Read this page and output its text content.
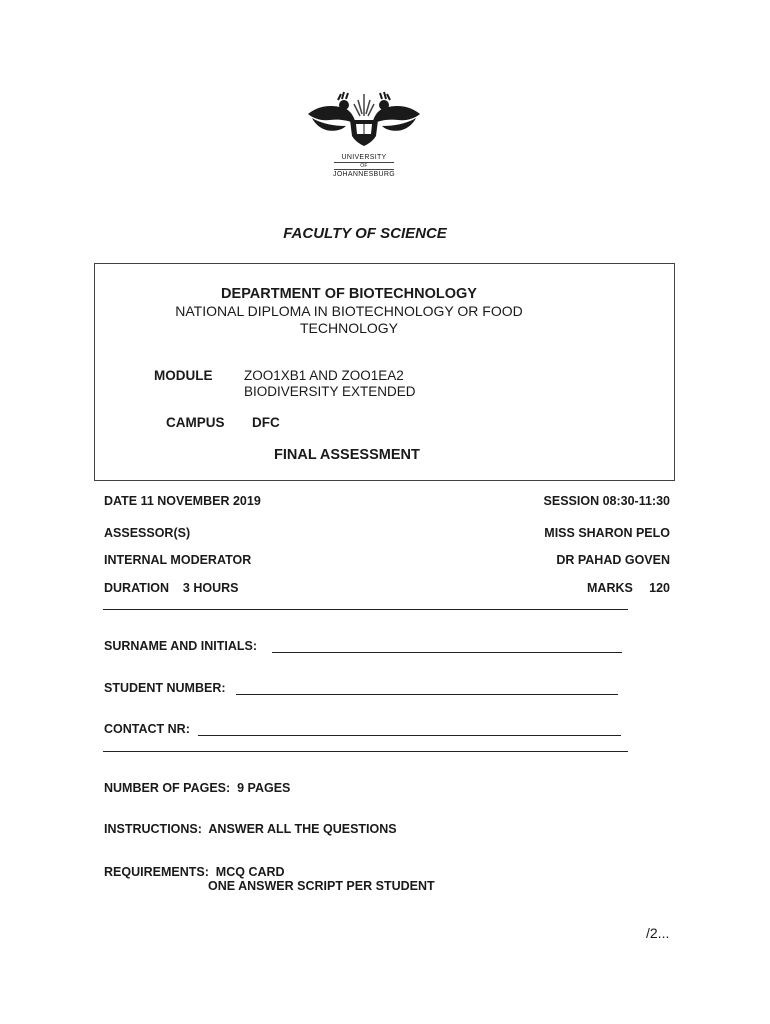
UNIVERSITY
OF
JOHANNESBURG
FACULTY OF SCIENCE
DEPARTMENT OF BIOTECHNOLOGY
NATIONAL DIPLOMA IN BIOTECHNOLOGY OR FOOD
TECHNOLOGY
MODULE ZOO1XB1 AND ZOO1EA2
BIODIVERSITY EXTENDED
CAMPUS DFC
FINAL ASSESSMENT
DATE 11 NOVEMBER 2019	SESSION 08:30-11:30
ASSESSOR(S)	MISS SHARON PELO
INTERNAL MODERATOR	DR PAHAD GOVEN
DURATION    3 HOURS	MARKS 120
SURNAME AND INITIALS:
STUDENT NUMBER:
CONTACT NR:
NUMBER OF PAGES:  9 PAGES
INSTRUCTIONS:  ANSWER ALL THE QUESTIONS
REQUIREMENTS:  MCQ CARD
ONE ANSWER SCRIPT PER STUDENT
/2...
